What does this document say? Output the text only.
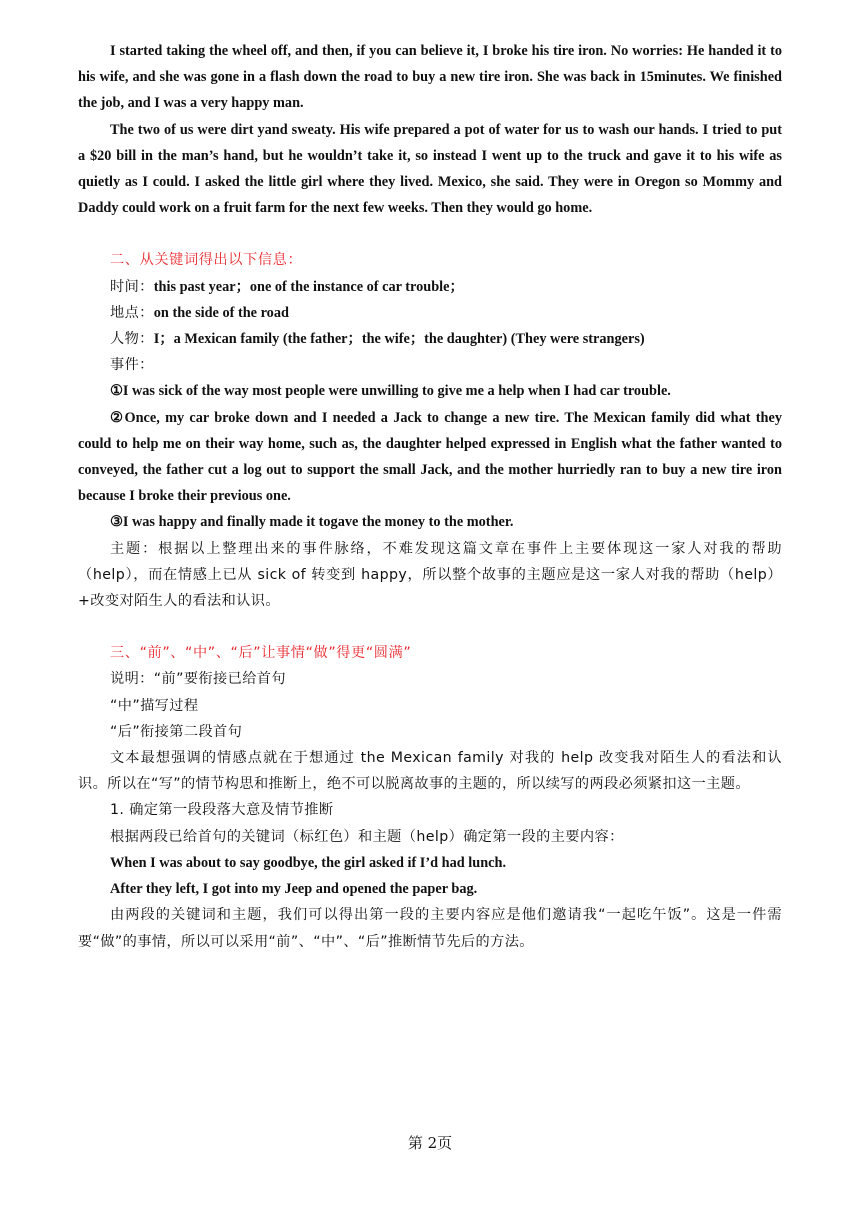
I started taking the wheel off, and then, if you can believe it, I broke his tire iron. No worries: He handed it to his wife, and she was gone in a flash down the road to buy a new tire iron. She was back in 15minutes. We finished the job, and I was a very happy man.

The two of us were dirt yand sweaty. His wife prepared a pot of water for us to wash our hands. I tried to put a $20 bill in the man’s hand, but he wouldn’t take it, so instead I went up to the truck and gave it to his wife as quietly as I could. I asked the little girl where they lived. Mexico, she said. They were in Oregon so Mommy and Daddy could work on a fruit farm for the next few weeks. Then they would go home.

二、从关键词得出以下信息：

时间：this past year；one of the instance of car trouble；

地点：on the side of the road

人物：I；a Mexican family (the father；the wife；the daughter) (They were strangers)

事件：

①I was sick of the way most people were unwilling to give me a help when I had car trouble.

②Once, my car broke down and I needed a Jack to change a new tire. The Mexican family did what they could to help me on their way home, such as, the daughter helped expressed in English what the father wanted to conveyed, the father cut a log out to support the small Jack, and the mother hurriedly ran to buy a new tire iron because I broke their previous one.

③I was happy and finally made it togave the money to the mother.

主题：根据以上整理出来的事件脉络，不难发现这篇文章在事件上主要体现这一家人对我的帮助（help），而在情感上已从 sick of 转变到 happy，所以整个故事的主题应是这一家人对我的帮助（help）+改变对陌生人的看法和认识。

三、“前”、“中”、“后”让事情“做”得更“圆满”

说明：“前”要衔接已给首句

“中”描写过程

“后”衔接第二段首句

文本最想强调的情感点就在于想通过 the Mexican family 对我的 help 改变我对陌生人的看法和认识。所以在“写”的情节构思和推断上，绝不可以脱离故事的主题的，所以续写的两段必须紧扣这一主题。

1. 确定第一段段落大意及情节推断

根据两段已给首句的关键词（标红色）和主题（help）确定第一段的主要内容：

When I was about to say goodbye, the girl asked if I’d had lunch.

After they left, I got into my Jeep and opened the paper bag.

由两段的关键词和主题，我们可以得出第一段的主要内容应是他们邀请我“一起吃午饭”。这是一件需要“做”的事情，所以可以采用“前”、“中”、“后”推断情节先后的方法。

第 2页
